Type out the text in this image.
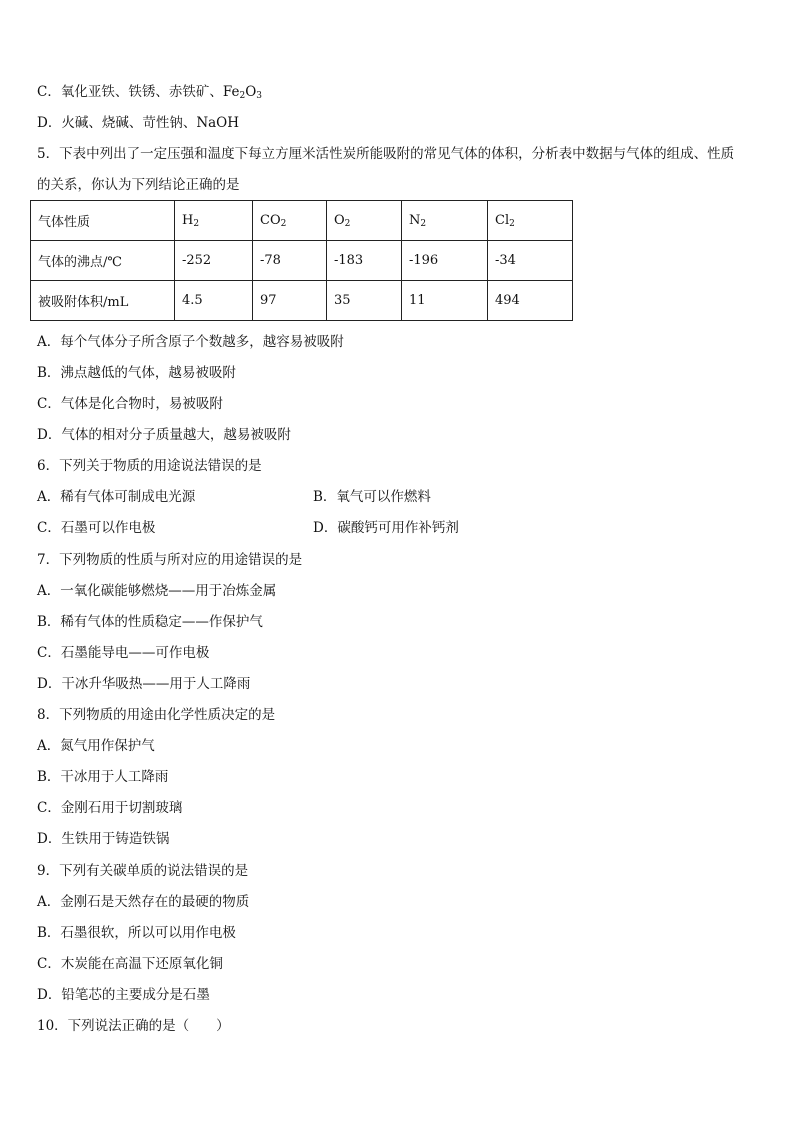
C．氧化亚铁、铁锈、赤铁矿、$Fe_2O_3$
D．火碱、烧碱、苛性钠、NaOH
5．下表中列出了一定压强和温度下每立方厘米活性炭所能吸附的常见气体的体积，分析表中数据与气体的组成、性质
的关系，你认为下列结论正确的是
气体性质	$H_2$	$CO_2$	$O_2$	$N_2$	$Cl_2$
气体的沸点/℃	-252	-78	-183	-196	-34
被吸附体积/mL	4.5	97	35	11	494
A．每个气体分子所含原子个数越多，越容易被吸附
B．沸点越低的气体，越易被吸附
C．气体是化合物时，易被吸附
D．气体的相对分子质量越大，越易被吸附
6．下列关于物质的用途说法错误的是
A．稀有气体可制成电光源	B．氧气可以作燃料
C．石墨可以作电极	D．碳酸钙可用作补钙剂
7．下列物质的性质与所对应的用途错误的是
A．一氧化碳能够燃烧——用于冶炼金属
B．稀有气体的性质稳定——作保护气
C．石墨能导电——可作电极
D．干冰升华吸热——用于人工降雨
8．下列物质的用途由化学性质决定的是
A．氮气用作保护气
B．干冰用于人工降雨
C．金刚石用于切割玻璃
D．生铁用于铸造铁锅
9．下列有关碳单质的说法错误的是
A．金刚石是天然存在的最硬的物质
B．石墨很软，所以可以用作电极
C．木炭能在高温下还原氧化铜
D．铅笔芯的主要成分是石墨
10．下列说法正确的是（　　）
